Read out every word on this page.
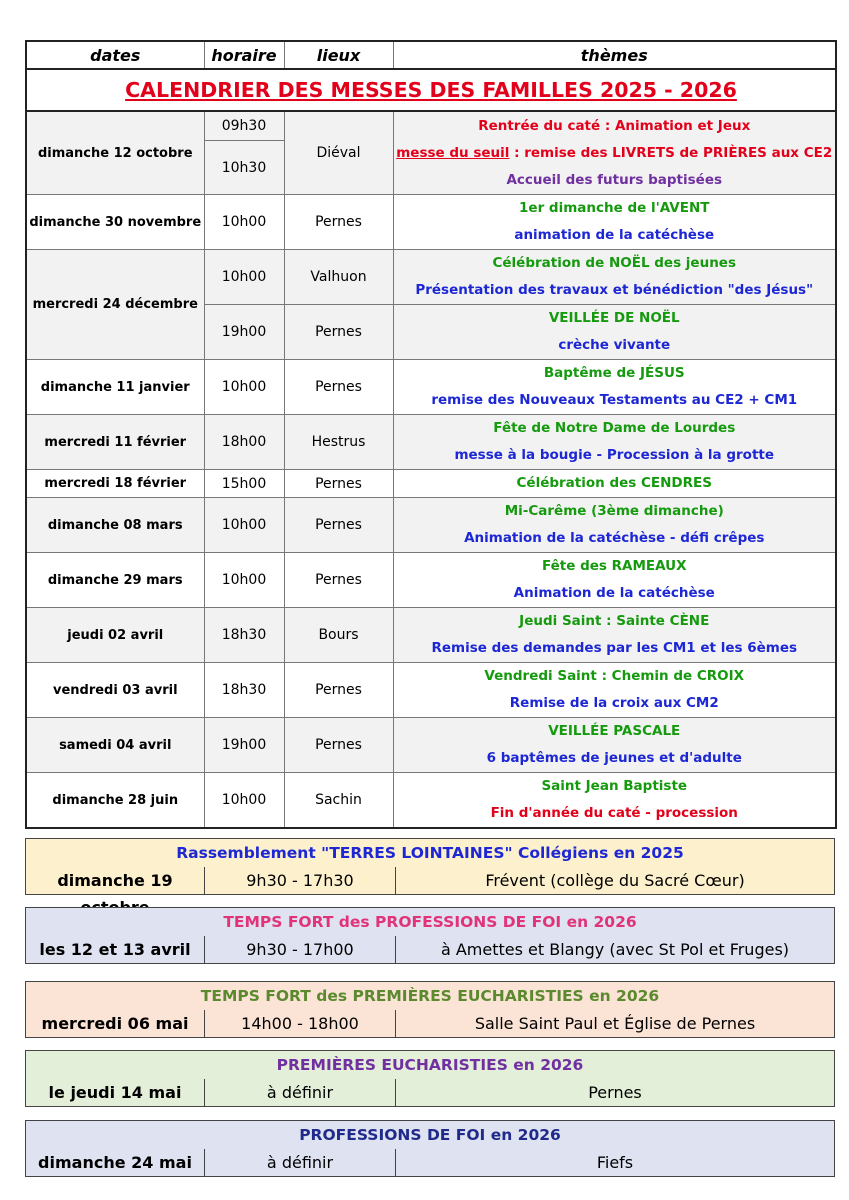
CALENDRIER DES MESSES DES FAMILLES 2025 - 2026			
dates	horaire	lieux	thèmes
dimanche 12 octobre	09h30	Diéval	Rentrée du caté : Animation et Jeux
messe du seuil : remise des LIVRETS de PRIÈRES aux CE2
Accueil des futurs baptisées

	10h30		
dimanche 30 novembre	10h00	Pernes	1er dimanche de l'AVENT
animation de la catéchèse

mercredi 24 décembre	10h00	Valhuon	Célébration de NOËL des jeunes
Présentation des travaux et bénédiction "des Jésus"

	19h00	Pernes	VEILLÉE DE NOËL
crèche vivante

dimanche 11 janvier	10h00	Pernes	Baptême de JÉSUS
remise des Nouveaux Testaments au CE2 + CM1

mercredi 11 février	18h00	Hestrus	Fête de Notre Dame de Lourdes
messe à la bougie - Procession à la grotte

mercredi 18 février	15h00	Pernes	Célébration des CENDRES

dimanche 08 mars	10h00	Pernes	Mi-Carême (3ème dimanche)
Animation de la catéchèse - défi crêpes

dimanche 29 mars	10h00	Pernes	Fête des RAMEAUX
Animation de la catéchèse

jeudi 02 avril	18h30	Bours	Jeudi Saint : Sainte CÈNE
Remise des demandes par les CM1 et les 6èmes

vendredi 03 avril	18h30	Pernes	Vendredi Saint : Chemin de CROIX
Remise de la croix aux CM2

samedi 04 avril	19h00	Pernes	VEILLÉE PASCALE
6 baptêmes de jeunes et d'adulte

dimanche 28 juin	10h00	Sachin	Saint Jean Baptiste
Fin d'année du caté - procession
Rassemblement "TERRES LOINTAINES" Collégiens en 2025
dimanche 19	9h30 - 17h30	Frévent (collège du Sacré Cœur)
TEMPS FORT des PROFESSIONS DE FOI en 2026
les 12 et 13 avril	9h30 - 17h00	à Amettes et Blangy (avec St Pol et Fruges)
TEMPS FORT des PREMIÈRES EUCHARISTIES en 2026
mercredi 06 mai	14h00 - 18h00	Salle Saint Paul et Église de Pernes
PREMIÈRES EUCHARISTIES en 2026
le jeudi 14 mai	à définir	Pernes
PROFESSIONS DE FOI en 2026
dimanche 24 mai	à définir	Fiefs
